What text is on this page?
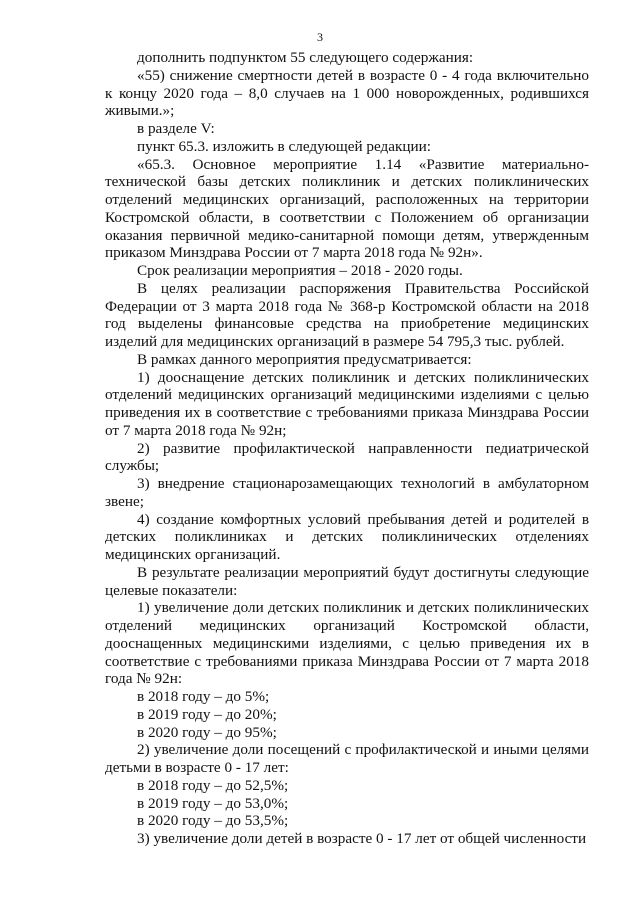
3

дополнить подпунктом 55 следующего содержания:

«55) снижение смертности детей в возрасте 0 - 4 года включительно к концу 2020 года – 8,0 случаев на 1 000 новорожденных, родившихся живыми.»;

в разделе V:

пункт 65.3. изложить в следующей редакции:

«65.3. Основное мероприятие 1.14 «Развитие материально-технической базы детских поликлиник и детских поликлинических отделений медицинских организаций, расположенных на территории Костромской области, в соответствии с Положением об организации оказания первичной медико-санитарной помощи детям, утвержденным приказом Минздрава России от 7 марта 2018 года № 92н».

Срок реализации мероприятия – 2018 - 2020 годы.

В целях реализации распоряжения Правительства Российской Федерации от 3 марта 2018 года № 368-р Костромской области на 2018 год выделены финансовые средства на приобретение медицинских изделий для медицинских организаций в размере 54 795,3 тыс. рублей.

В рамках данного мероприятия предусматривается:

1) дооснащение детских поликлиник и детских поликлинических отделений медицинских организаций медицинскими изделиями с целью приведения их в соответствие с требованиями приказа Минздрава России от 7 марта 2018 года № 92н;

2) развитие профилактической направленности педиатрической службы;

3) внедрение стационарозамещающих технологий в амбулаторном звене;

4) создание комфортных условий пребывания детей и родителей в детских поликлиниках и детских поликлинических отделениях медицинских организаций.

В результате реализации мероприятий будут достигнуты следующие целевые показатели:

1) увеличение доли детских поликлиник и детских поликлинических отделений медицинских организаций Костромской области, дооснащенных медицинскими изделиями, с целью приведения их в соответствие с требованиями приказа Минздрава России от 7 марта 2018 года № 92н:

в 2018 году – до 5%;

в 2019 году – до 20%;

в 2020 году – до 95%;

2) увеличение доли посещений с профилактической и иными целями детьми в возрасте 0 - 17 лет:

в 2018 году – до 52,5%;

в 2019 году – до 53,0%;

в 2020 году – до 53,5%;

3) увеличение доли детей в возрасте 0 - 17 лет от общей численности
